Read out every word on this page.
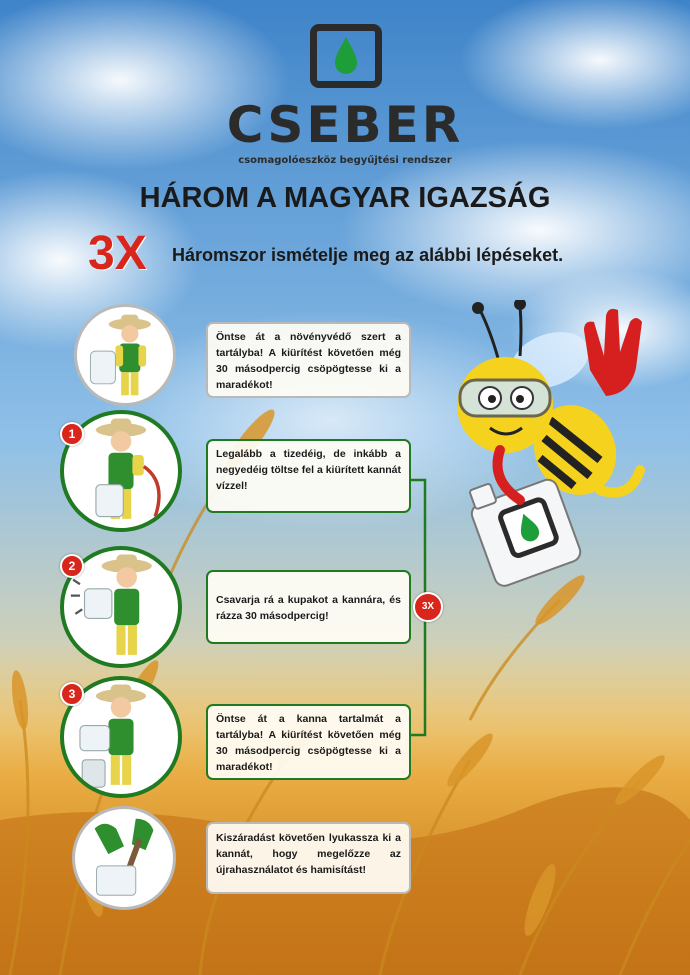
CSEBER
csomagolóeszköz begyűjtési rendszer
HÁROM A MAGYAR IGAZSÁG
3X Háromszor ismételje meg az alábbi lépéseket.
3X
Öntse át a növényvédő szert a tartályba! A kiürítést követően még 30 másodpercig csöpögtesse ki a maradékot!
1
Legalább a tizedéig, de inkább a negyedéig töltse fel a kiürített kannát vízzel!
2
Csavarja rá a kupakot a kannára, és rázza 30 másodpercig!
3
Öntse át a kanna tartalmát a tartályba! A kiürítést követően még 30 másodpercig csöpögtesse ki a maradékot!
Kiszáradást követően lyukassza ki a kannát, hogy megelőzze az újrahasználatot és hamisítást!
